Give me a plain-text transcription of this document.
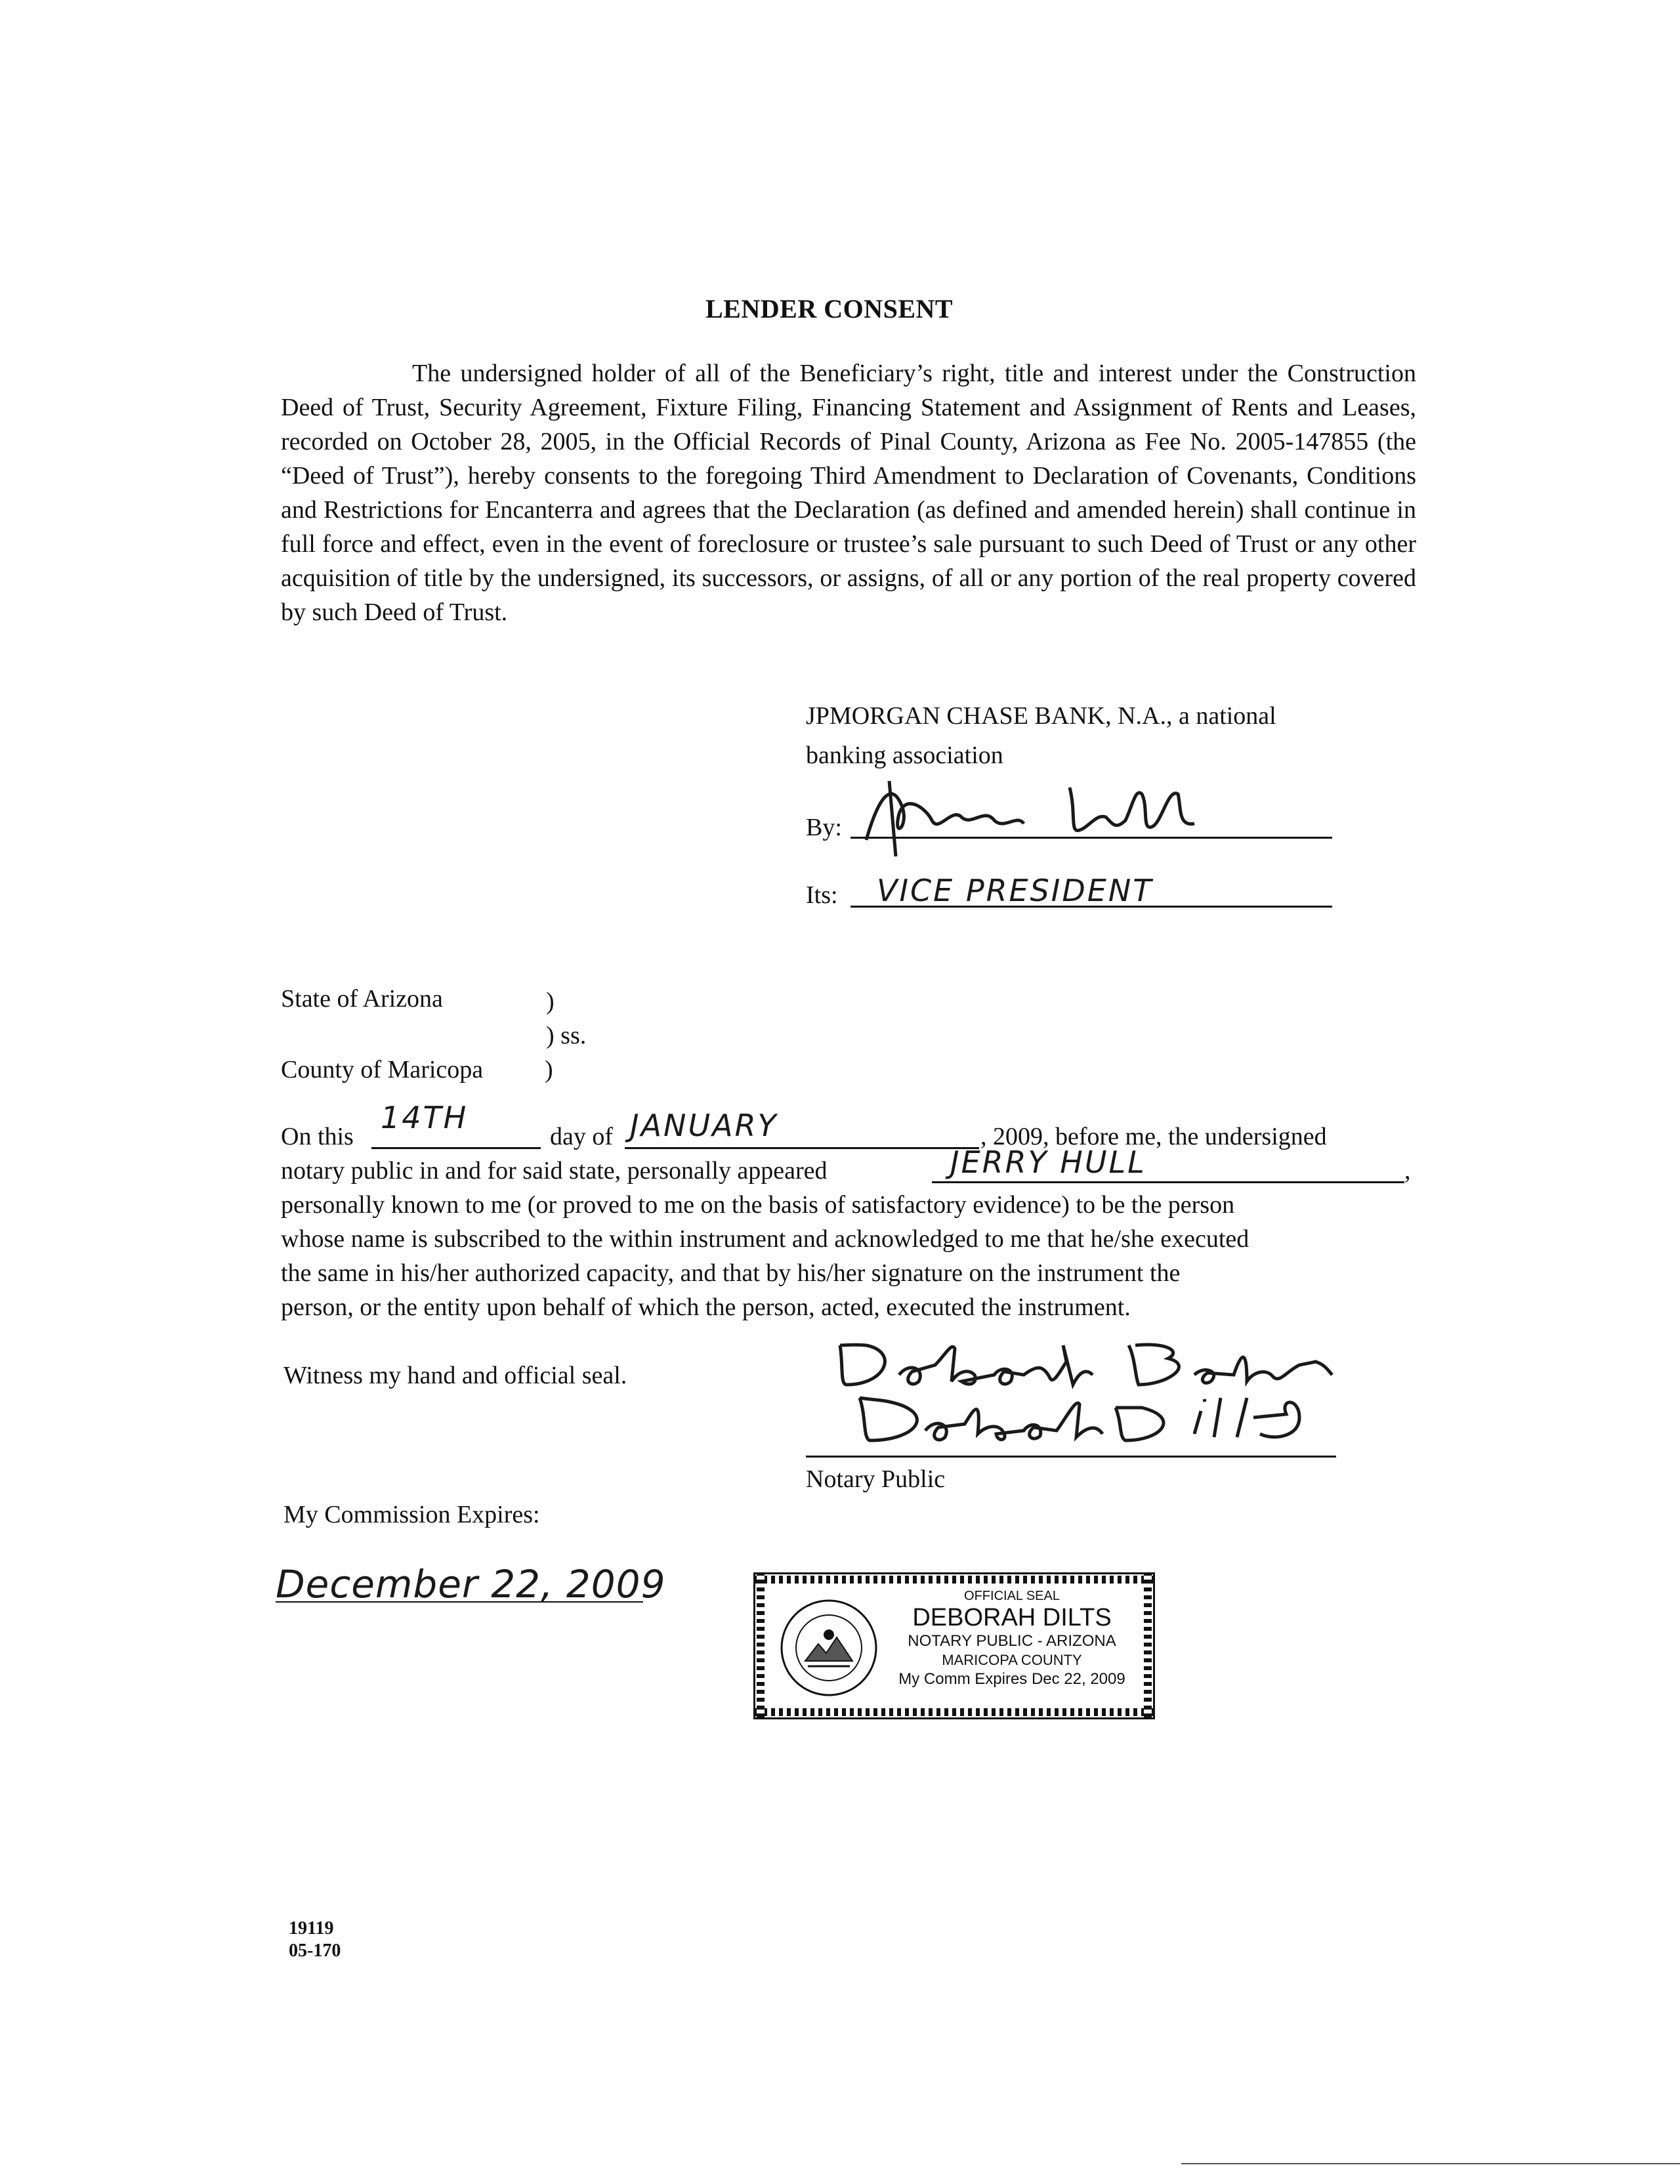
LENDER CONSENT
The undersigned holder of all of the Beneficiary’s right, title and interest under the Construction Deed of Trust, Security Agreement, Fixture Filing, Financing Statement and Assignment of Rents and Leases, recorded on October 28, 2005, in the Official Records of Pinal County, Arizona as Fee No. 2005-147855 (the “Deed of Trust”), hereby consents to the foregoing Third Amendment to Declaration of Covenants, Conditions and Restrictions for Encanterra and agrees that the Declaration (as defined and amended herein) shall continue in full force and effect, even in the event of foreclosure or trustee’s sale pursuant to such Deed of Trust or any other acquisition of title by the undersigned, its successors, or assigns, of all or any portion of the real property covered by such Deed of Trust.
JPMORGAN CHASE BANK, N.A., a national
banking association
By:
Its: VICE PRESIDENT
State of Arizona	)
) ss.
County of Maricopa )
On this
14TH
day of JANUARY	, 2009, before me, the undersigned
notary public in and for said state, personally appeared	JERRY HULL	,
personally known to me (or proved to me on the basis of satisfactory evidence) to be the person
whose name is subscribed to the within instrument and acknowledged to me that he/she executed
the same in his/her authorized capacity, and that by his/her signature on the instrument the
person, or the entity upon behalf of which the person, acted, executed the instrument.
Witness my hand and official seal.
Notary Public
My Commission Expires:
December 22, 2009	OFFICIAL SEAL
DEBORAH DILTS
NOTARY PUBLIC - ARIZONA
MARICOPA COUNTY
My Comm Expires Dec 22, 2009
19119
05-170
